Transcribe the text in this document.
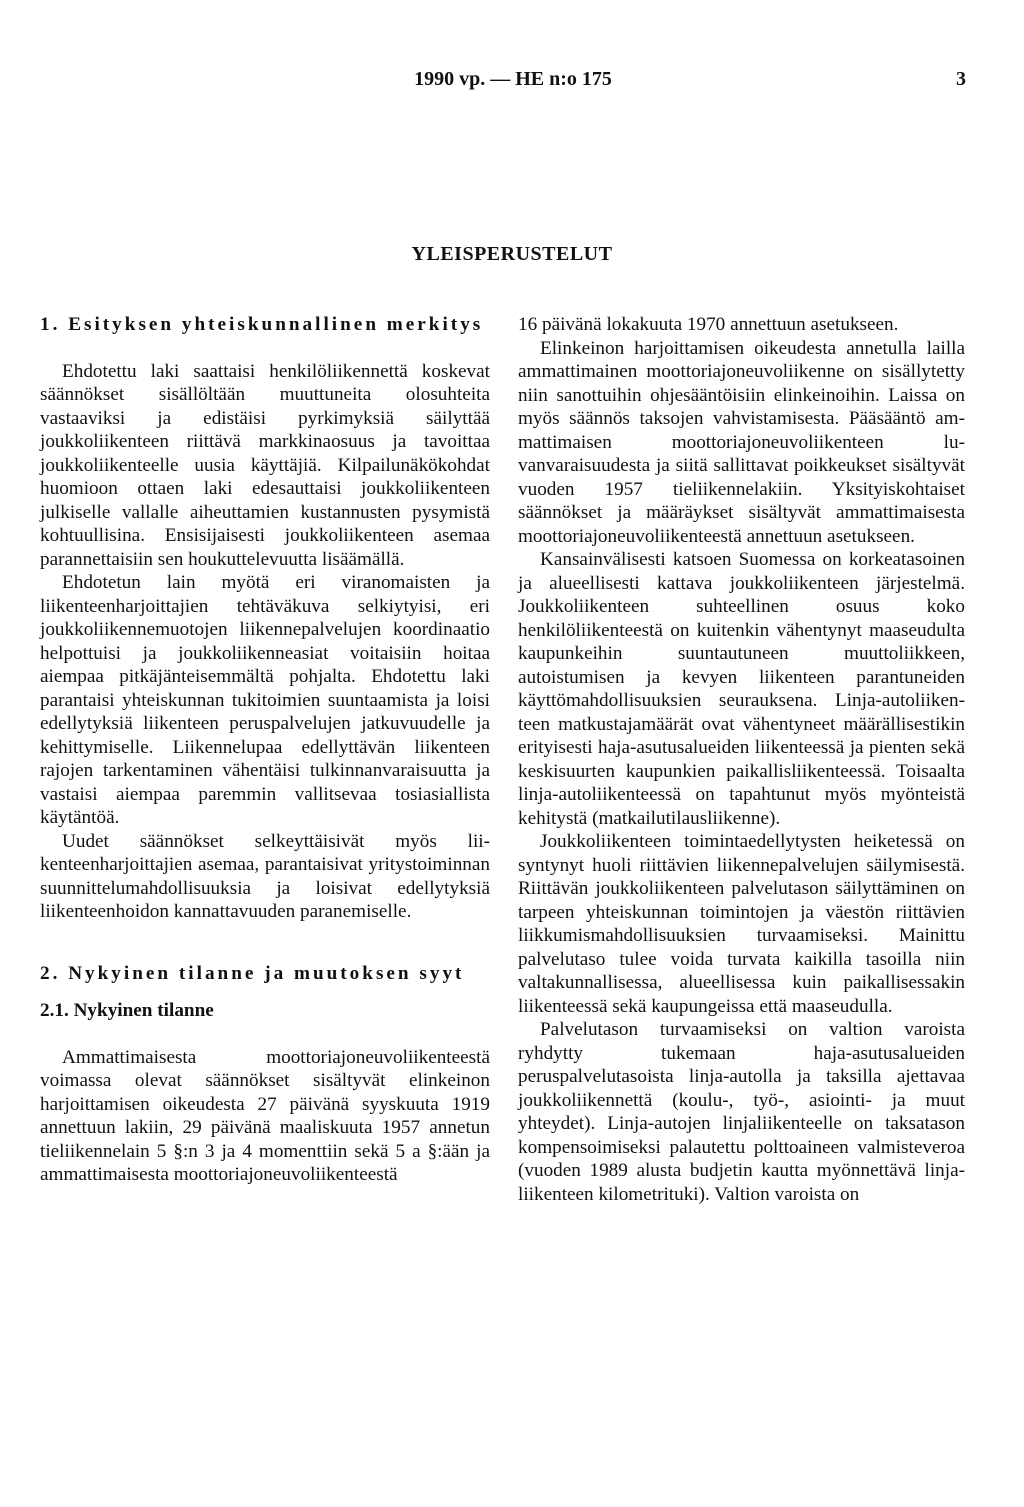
1990 vp. — HE n:o 175	3
YLEISPERUSTELUT
1. Esityksen yhteiskunnallinen merkitys

Ehdotettu laki saattaisi henkilöliikennettä koskevat säännökset sisällöltään muuttuneita olosuhteita vastaaviksi ja edistäisi pyrkimyksiä säilyttää joukkoliikenteen riittävä markkinaosuus ja tavoittaa joukkoliikenteelle uusia käyttäjiä. Kilpailunäkökohdat huomioon ottaen laki edesauttaisi joukkoliikenteen julkiselle vallalle aiheuttamien kustannusten pysymistä kohtuullisina. Ensisijaisesti joukkoliikenteen asemaa parannettaisiin sen houkuttelevuutta lisäämällä.

Ehdotetun lain myötä eri viranomaisten ja liikenteenharjoittajien tehtäväkuva selkiytyisi, eri joukkoliikennemuotojen liikennepalvelujen koordinaatio helpottuisi ja joukkoliikenneasiat voitaisiin hoitaa aiempaa pitkäjänteisemmältä pohjalta. Ehdotettu laki parantaisi yhteiskunnan tukitoimien suuntaamista ja loisi edellytyksiä liikenteen peruspalvelujen jatkuvuudelle ja kehittymiselle. Liikennelupaa edellyttävän liikenteen rajojen tarkentaminen vähentäisi tulkinnanvaraisuutta ja vastaisi aiempaa paremmin vallitsevaa tosiasiallista käytäntöä.

Uudet säännökset selkeyttäisivät myös liikenteenharjoittajien asemaa, parantaisivat yritystoiminnan suunnittelumahdollisuuksia ja loisivat edellytyksiä liikenteenhoidon kannattavuuden paranemiselle.

2. Nykyinen tilanne ja muutoksen syyt
2.1. Nykyinen tilanne

Ammattimaisesta moottoriajoneuvoliikenteestä voimassa olevat säännökset sisältyvät elinkeinon harjoittamisen oikeudesta 27 päivänä syyskuuta 1919 annettuun lakiin, 29 päivänä maaliskuuta 1957 annetun tieliikennelain 5 §:n 3 ja 4 momenttiin sekä 5 a §:ään ja ammattimaisesta moottoriajoneuvoliikenteestä

16 päivänä lokakuuta 1970 annettuun asetukseen.

Elinkeinon harjoittamisen oikeudesta annetulla lailla ammattimainen moottoriajoneuvoliikenne on sisällytetty niin sanottuihin ohjesääntöisiin elinkeinoihin. Laissa on myös säännös taksojen vahvistamisesta. Pääsääntö ammattimaisen moottoriajoneuvoliikenteen luvanvaraisuudesta ja siitä sallittavat poikkeukset sisältyvät vuoden 1957 tieliikennelakiin. Yksityiskohtaiset säännökset ja määräykset sisältyvät ammattimaisesta moottoriajoneuvoliikenteestä annettuun asetukseen.

Kansainvälisesti katsoen Suomessa on korkeatasoinen ja alueellisesti kattava joukkoliikenteen järjestelmä. Joukkoliikenteen suhteellinen osuus koko henkilöliikenteestä on kuitenkin vähentynyt maaseudulta kaupunkeihin suuntautuneen muuttoliikkeen, autoistumisen ja kevyen liikenteen parantuneiden käyttömahdollisuuksien seurauksena. Linja-autoliikenteen matkustajamäärät ovat vähentyneet määrällisestikin erityisesti haja-asutusalueiden liikenteessä ja pienten sekä keskisuurten kaupunkien paikallisliikenteessä. Toisaalta linja-autoliikenteessä on tapahtunut myös myönteistä kehitystä (matkailutilausliikenne).

Joukkoliikenteen toimintaedellytysten heiketessä on syntynyt huoli riittävien liikennepalvelujen säilymisestä. Riittävän joukkoliikenteen palvelutason säilyttäminen on tarpeen yhteiskunnan toimintojen ja väestön riittävien liikkumismahdollisuuksien turvaamiseksi. Mainittu palvelutaso tulee voida turvata kaikilla tasoilla niin valtakunnallisessa, alueellisessa kuin paikallisessakin liikenteessä sekä kaupungeissa että maaseudulla.

Palvelutason turvaamiseksi on valtion varoista ryhdytty tukemaan haja-asutusalueiden peruspalvelutasoista linja-autolla ja taksilla ajettavaa joukkoliikennettä (koulu-, työ-, asiointi- ja muut yhteydet). Linja-autojen linjaliikenteelle on taksatason kompensoimiseksi palautettu polttoaineen valmisteveroa (vuoden 1989 alusta budjetin kautta myönnettävä linjaliikenteen kilometrituki). Valtion varoista on
